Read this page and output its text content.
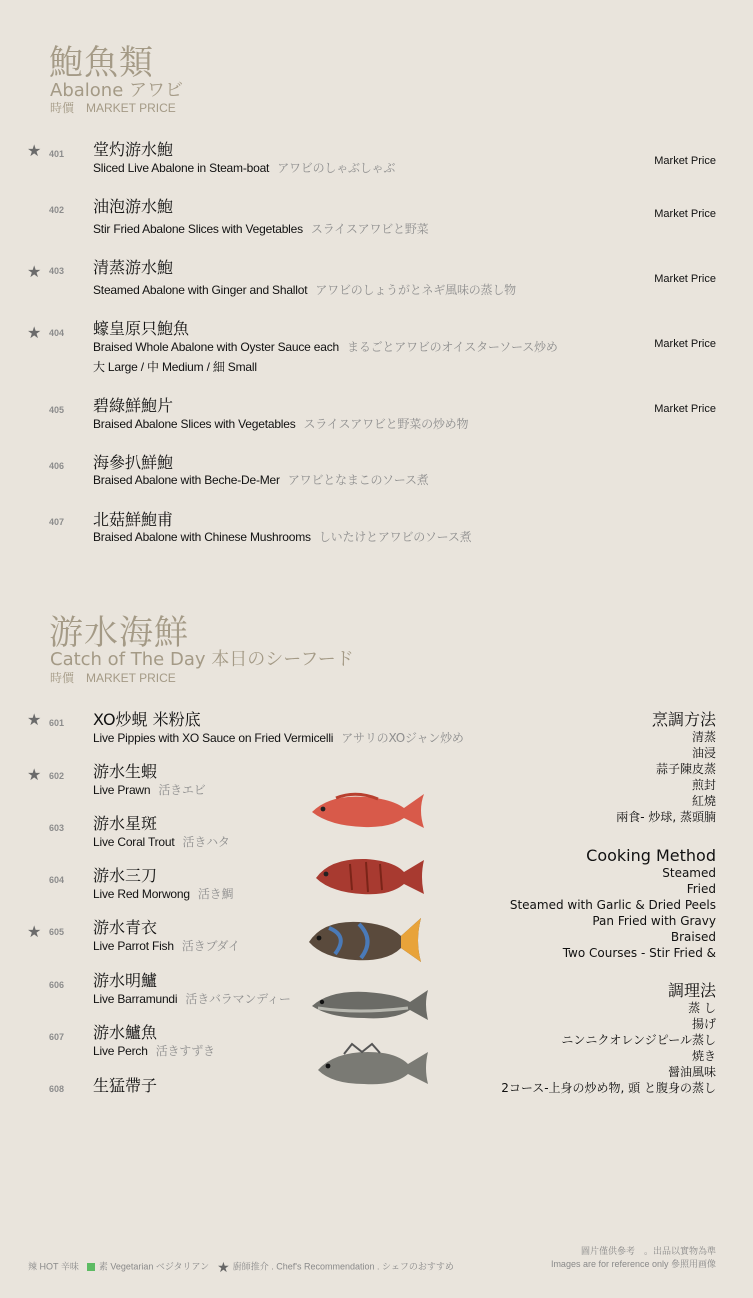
鮑魚類
Abalone アワビ
時價　MARKET PRICE
★ 401 堂灼游水鮑
Sliced Live Abalone in Steam-boat アワビのしゃぶしゃぶ	Market Price
402 油泡游水鮑
Stir Fried Abalone Slices with Vegetables スライスアワビと野菜
Market Price
★ 403 清蒸游水鮑
Steamed Abalone with Ginger and Shallot アワビのしょうがとネギ風味の蒸し物
Market Price
★ 404 蠔皇原只鮑魚
Braised Whole Abalone with Oyster Sauce each まるごとアワビのオイスターソース炒め
大 Large / 中 Medium / 細 Small
Market Price
405 碧綠鮮鮑片
Braised Abalone Slices with Vegetables スライスアワビと野菜の炒め物
Market Price
406 海參扒鮮鮑
Braised Abalone with Beche-De-Mer アワビとなまこのソース煮
407 北菇鮮鮑甫
Braised Abalone with Chinese Mushrooms しいたけとアワビのソース煮
游水海鮮
Catch of The Day 本日のシーフード
時價　MARKET PRICE
★ 601 XO炒蜆 米粉底
Live Pippies with XO Sauce on Fried Vermicelli アサリのXOジャン炒め
★ 602 游水生蝦
Live Prawn 活きエビ
603 游水星斑
Live Coral Trout 活きハタ
604 游水三刀
Live Red Morwong 活き鯛
★ 605 游水青衣
Live Parrot Fish 活きブダイ
606 游水明鱸
Live Barramundi 活きバラマンディー
607 游水鱸魚
Live Perch 活きすずき
608 生猛帶子
烹調方法
清蒸
油浸
蒜子陳皮蒸
煎封
紅燒
兩食- 炒球, 蒸頭腩
Cooking Method
Steamed
Fried
Steamed with Garlic & Dried Peels
Pan Fried with Gravy
Braised
Two Courses - Stir Fried &
調理法
蒸 し
揚げ
ニンニクオレンジピール蒸し
焼き
醤油風味
2コース-上身の炒め物, 頭 と腹身の蒸し
辣 HOT 辛味 素 Vegetarian ベジタリアン ★ 廚師推介 . Chef's Recommendation . シェフのおすすめ
圖片僅供參考　。出品以實物為準
Images are for reference only 參照用画像
